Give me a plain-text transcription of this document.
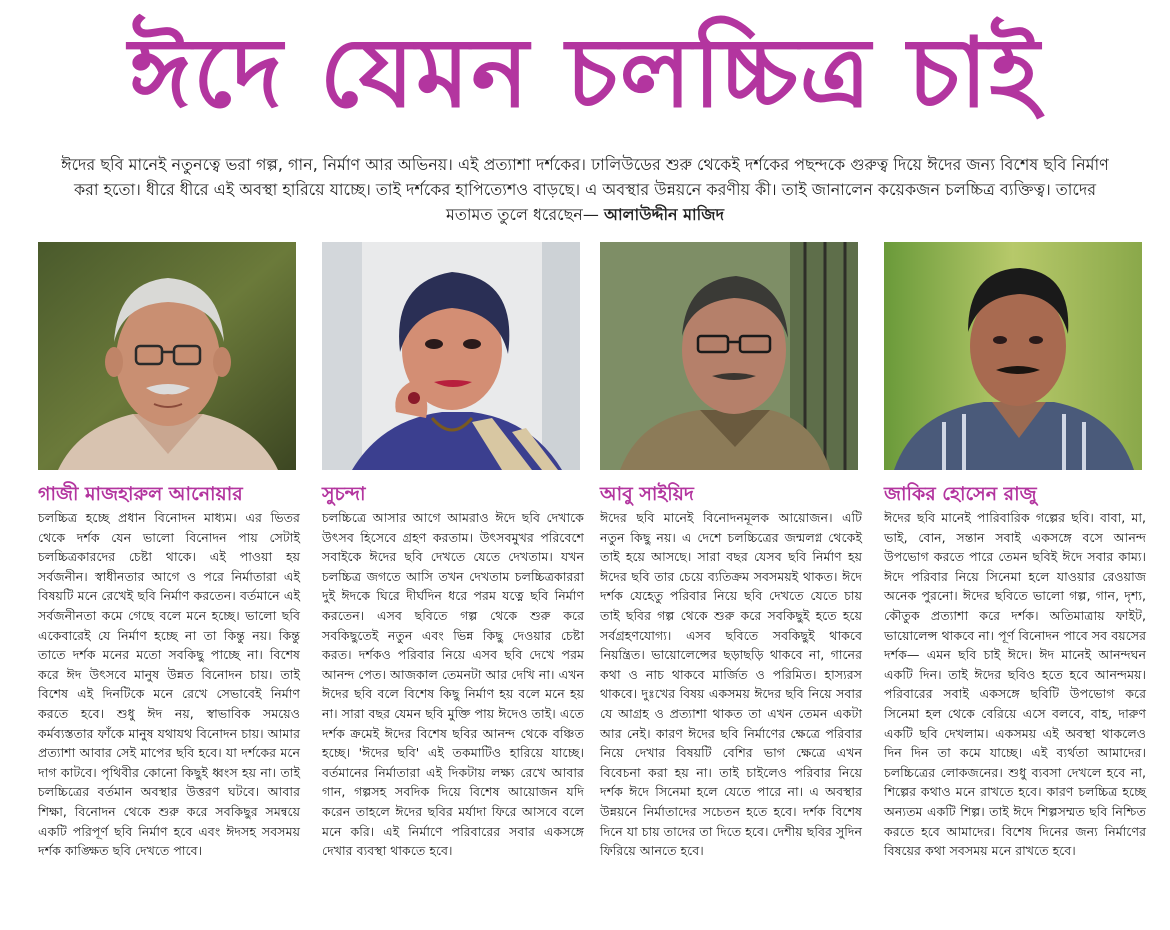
ঈদে যেমন চলচ্চিত্র চাই
ঈদের ছবি মানেই নতুনত্বে ভরা গল্প, গান, নির্মাণ আর অভিনয়। এই প্রত্যাশা দর্শকের। ঢালিউডের শুরু থেকেই দর্শকের পছন্দকে গুরুত্ব দিয়ে ঈদের জন্য বিশেষ ছবি নির্মাণ করা হতো। ধীরে ধীরে এই অবস্থা হারিয়ে যাচ্ছে। তাই দর্শকের হাপিত্যেশও বাড়ছে। এ অবস্থার উন্নয়নে করণীয় কী। তাই জানালেন কয়েকজন চলচ্চিত্র ব্যক্তিত্ব। তাদের মতামত তুলে ধরেছেন— আলাউদ্দীন মাজিদ
গাজী মাজহারুল আনোয়ার
চলচ্চিত্র হচ্ছে প্রধান বিনোদন মাধ্যম। এর ভিতর থেকে দর্শক যেন ভালো বিনোদন পায় সেটাই চলচ্চিত্রকারদের চেষ্টা থাকে। এই পাওয়া হয় সর্বজনীন। স্বাধীনতার আগে ও পরে নির্মাতারা এই বিষয়টি মনে রেখেই ছবি নির্মাণ করতেন। বর্তমানে এই সর্বজনীনতা কমে গেছে বলে মনে হচ্ছে। ভালো ছবি একেবারেই যে নির্মাণ হচ্ছে না তা কিন্তু নয়। কিন্তু তাতে দর্শক মনের মতো সবকিছু পাচ্ছে না। বিশেষ করে ঈদ উৎসবে মানুষ উন্নত বিনোদন চায়। তাই বিশেষ এই দিনটিকে মনে রেখে সেভাবেই নির্মাণ করতে হবে। শুধু ঈদ নয়, স্বাভাবিক সময়েও কর্মব্যস্ততার ফাঁকে মানুষ যথাযথ বিনোদন চায়। আমার প্রত্যাশা আবার সেই মাপের ছবি হবে। যা দর্শকের মনে দাগ কাটবে। পৃথিবীর কোনো কিছুই ধ্বংস হয় না। তাই চলচ্চিত্রের বর্তমান অবস্থার উত্তরণ ঘটবে। আবার শিক্ষা, বিনোদন থেকে শুরু করে সবকিছুর সমন্বয়ে একটি পরিপূর্ণ ছবি নির্মাণ হবে এবং ঈদসহ সবসময় দর্শক কাঙ্ক্ষিত ছবি দেখতে পাবে।
সুচন্দা
চলচ্চিত্রে আসার আগে আমরাও ঈদে ছবি দেখাকে উৎসব হিসেবে গ্রহণ করতাম। উৎসবমুখর পরিবেশে সবাইকে ঈদের ছবি দেখতে যেতে দেখতাম। যখন চলচ্চিত্র জগতে আসি তখন দেখতাম চলচ্চিত্রকাররা দুই ঈদকে ঘিরে দীর্ঘদিন ধরে পরম যত্নে ছবি নির্মাণ করতেন। এসব ছবিতে গল্প থেকে শুরু করে সবকিছুতেই নতুন এবং ভিন্ন কিছু দেওয়ার চেষ্টা করত। দর্শকও পরিবার নিয়ে এসব ছবি দেখে পরম আনন্দ পেত। আজকাল তেমনটা আর দেখি না। এখন ঈদের ছবি বলে বিশেষ কিছু নির্মাণ হয় বলে মনে হয় না। সারা বছর যেমন ছবি মুক্তি পায় ঈদেও তাই। এতে দর্শক ক্রমেই ঈদের বিশেষ ছবির আনন্দ থেকে বঞ্চিত হচ্ছে। 'ঈদের ছবি' এই তকমাটিও হারিয়ে যাচ্ছে। বর্তমানের নির্মাতারা এই দিকটায় লক্ষ্য রেখে আবার গান, গল্পসহ সবদিক দিয়ে বিশেষ আয়োজন যদি করেন তাহলে ঈদের ছবির মর্যাদা ফিরে আসবে বলে মনে করি। এই নির্মাণে পরিবারের সবার একসঙ্গে দেখার ব্যবস্থা থাকতে হবে।
আবু সাইয়িদ
ঈদের ছবি মানেই বিনোদনমূলক আয়োজন। এটি নতুন কিছু নয়। এ দেশে চলচ্চিত্রের জন্মলগ্ন থেকেই তাই হয়ে আসছে। সারা বছর যেসব ছবি নির্মাণ হয় ঈদের ছবি তার চেয়ে ব্যতিক্রম সবসময়ই থাকত। ঈদে দর্শক যেহেতু পরিবার নিয়ে ছবি দেখতে যেতে চায় তাই ছবির গল্প থেকে শুরু করে সবকিছুই হতে হয়ে সর্বগ্রহণযোগ্য। এসব ছবিতে সবকিছুই থাকবে নিয়ন্ত্রিত। ভায়োলেন্সের ছড়াছড়ি থাকবে না, গানের কথা ও নাচ থাকবে মার্জিত ও পরিমিত। হাস্যরস থাকবে। দুঃখের বিষয় একসময় ঈদের ছবি নিয়ে সবার যে আগ্রহ ও প্রত্যাশা থাকত তা এখন তেমন একটা আর নেই। কারণ ঈদের ছবি নির্মাণের ক্ষেত্রে পরিবার নিয়ে দেখার বিষয়টি বেশির ভাগ ক্ষেত্রে এখন বিবেচনা করা হয় না। তাই চাইলেও পরিবার নিয়ে দর্শক ঈদে সিনেমা হলে যেতে পারে না। এ অবস্থার উন্নয়নে নির্মাতাদের সচেতন হতে হবে। দর্শক বিশেষ দিনে যা চায় তাদের তা দিতে হবে। দেশীয় ছবির সুদিন ফিরিয়ে আনতে হবে।
জাকির হোসেন রাজু
ঈদের ছবি মানেই পারিবারিক গল্পের ছবি। বাবা, মা, ভাই, বোন, সন্তান সবাই একসঙ্গে বসে আনন্দ উপভোগ করতে পারে তেমন ছবিই ঈদে সবার কাম্য। ঈদে পরিবার নিয়ে সিনেমা হলে যাওয়ার রেওয়াজ অনেক পুরনো। ঈদের ছবিতে ভালো গল্প, গান, দৃশ্য, কৌতুক প্রত্যাশা করে দর্শক। অতিমাত্রায় ফাইট, ভায়োলেন্স থাকবে না। পূর্ণ বিনোদন পাবে সব বয়সের দর্শক— এমন ছবি চাই ঈদে। ঈদ মানেই আনন্দঘন একটি দিন। তাই ঈদের ছবিও হতে হবে আনন্দময়। পরিবারের সবাই একসঙ্গে ছবিটি উপভোগ করে সিনেমা হল থেকে বেরিয়ে এসে বলবে, বাহ, দারুণ একটি ছবি দেখলাম। একসময় এই অবস্থা থাকলেও দিন দিন তা কমে যাচ্ছে। এই ব্যর্থতা আমাদের। চলচ্চিত্রের লোকজনের। শুধু ব্যবসা দেখলে হবে না, শিল্পের কথাও মনে রাখতে হবে। কারণ চলচ্চিত্র হচ্ছে অন্যতম একটি শিল্প। তাই ঈদে শিল্পসম্মত ছবি নিশ্চিত করতে হবে আমাদের। বিশেষ দিনের জন্য নির্মাণের বিষয়ের কথা সবসময় মনে রাখতে হবে।
